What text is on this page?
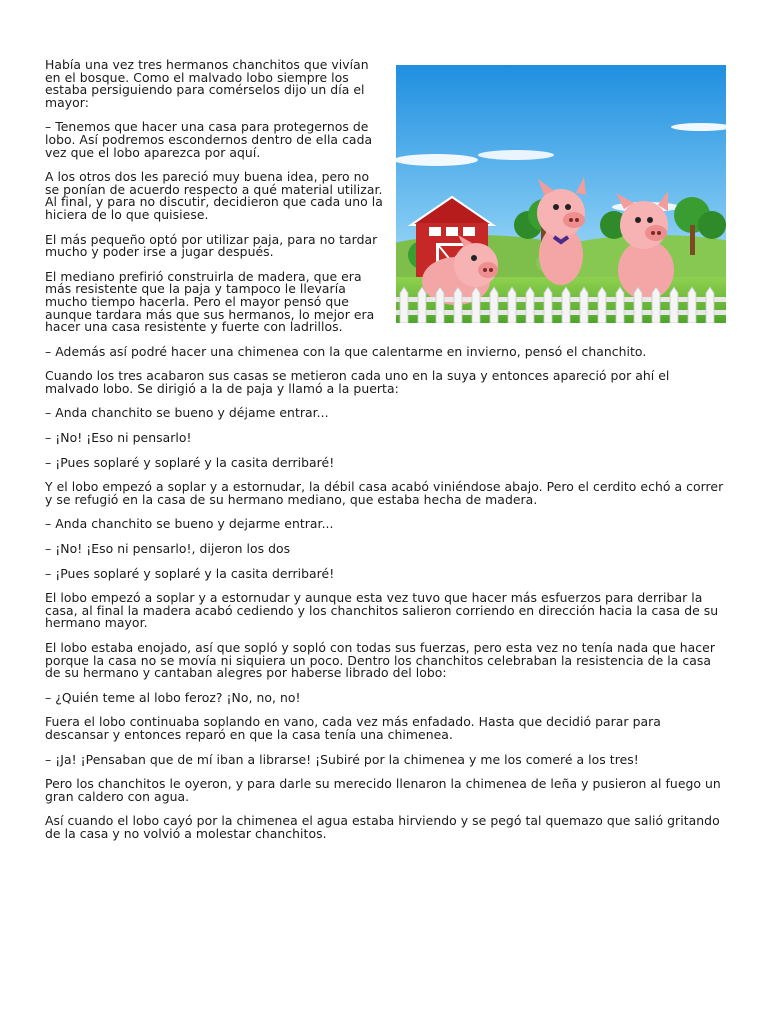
Había una vez tres hermanos chanchitos que vivían en el bosque. Como el malvado lobo siempre los estaba persiguiendo para comérselos dijo un día el mayor:

– Tenemos que hacer una casa para protegernos de lobo. Así podremos escondernos dentro de ella cada vez que el lobo aparezca por aquí.

A los otros dos les pareció muy buena idea, pero no se ponían de acuerdo respecto a qué material utilizar. Al final, y para no discutir, decidieron que cada uno la hiciera de lo que quisiese.

El más pequeño optó por utilizar paja, para no tardar mucho y poder irse a jugar después.

El mediano prefirió construirla de madera, que era más resistente que la paja y tampoco le llevaría mucho tiempo hacerla. Pero el mayor pensó que aunque tardara más que sus hermanos, lo mejor era hacer una casa resistente y fuerte con ladrillos.

– Además así podré hacer una chimenea con la que calentarme en invierno, pensó el chanchito.

Cuando los tres acabaron sus casas se metieron cada uno en la suya y entonces apareció por ahí el malvado lobo. Se dirigió a la de paja y llamó a la puerta:

– Anda chanchito se bueno y déjame entrar...

– ¡No! ¡Eso ni pensarlo!

– ¡Pues soplaré y soplaré y la casita derribaré!

Y el lobo empezó a soplar y a estornudar, la débil casa acabó viniéndose abajo. Pero el cerdito echó a correr y se refugió en la casa de su hermano mediano, que estaba hecha de madera.

– Anda chanchito se bueno y dejarme entrar...

– ¡No! ¡Eso ni pensarlo!, dijeron los dos

– ¡Pues soplaré y soplaré y la casita derribaré!

El lobo empezó a soplar y a estornudar y aunque esta vez tuvo que hacer más esfuerzos para derribar la casa, al final la madera acabó cediendo y los chanchitos salieron corriendo en dirección hacia la casa de su hermano mayor.

El lobo estaba enojado, así que sopló y sopló con todas sus fuerzas, pero esta vez no tenía nada que hacer porque la casa no se movía ni siquiera un poco. Dentro los chanchitos celebraban la resistencia de la casa de su hermano y cantaban alegres por haberse librado del lobo:

– ¿Quién teme al lobo feroz? ¡No, no, no!

Fuera el lobo continuaba soplando en vano, cada vez más enfadado. Hasta que decidió parar para descansar y entonces reparó en que la casa tenía una chimenea.

– ¡Ja! ¡Pensaban que de mí iban a librarse! ¡Subiré por la chimenea y me los comeré a los tres!

Pero los chanchitos le oyeron, y para darle su merecido llenaron la chimenea de leña y pusieron al fuego un gran caldero con agua.

Así cuando el lobo cayó por la chimenea el agua estaba hirviendo y se pegó tal quemazo que salió gritando de la casa y no volvió a molestar chanchitos.
